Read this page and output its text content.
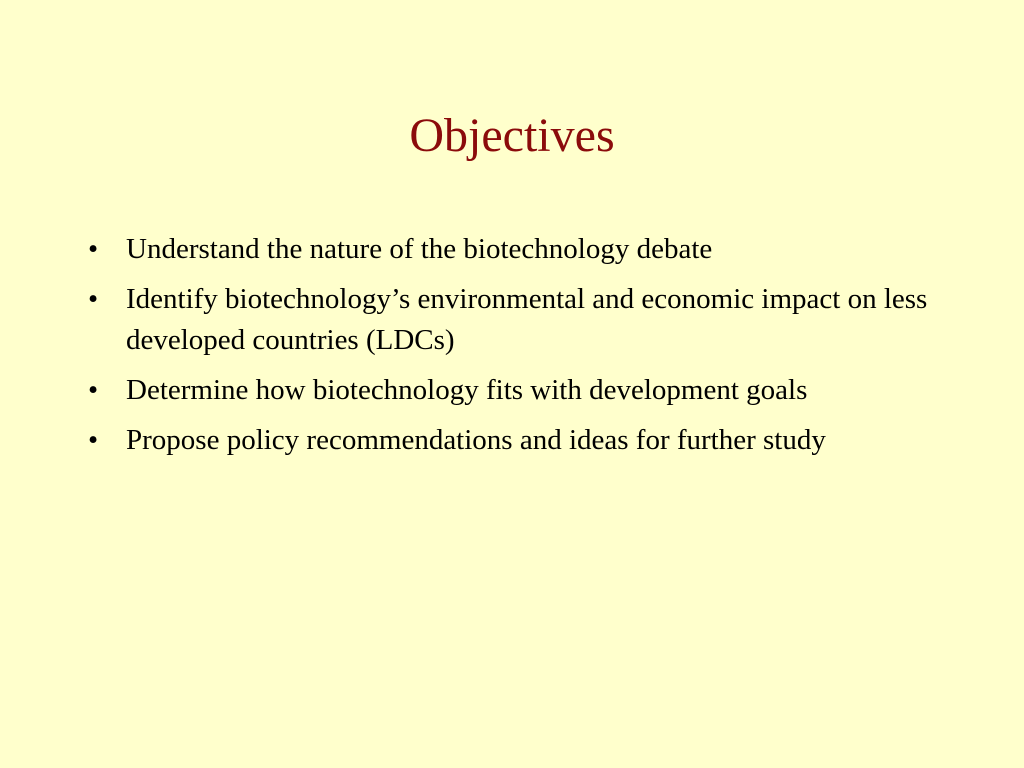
Objectives
• Understand the nature of the biotechnology debate
• Identify biotechnology’s environmental and economic impact on less developed countries (LDCs)
• Determine how biotechnology fits with development goals
• Propose policy recommendations and ideas for further study
